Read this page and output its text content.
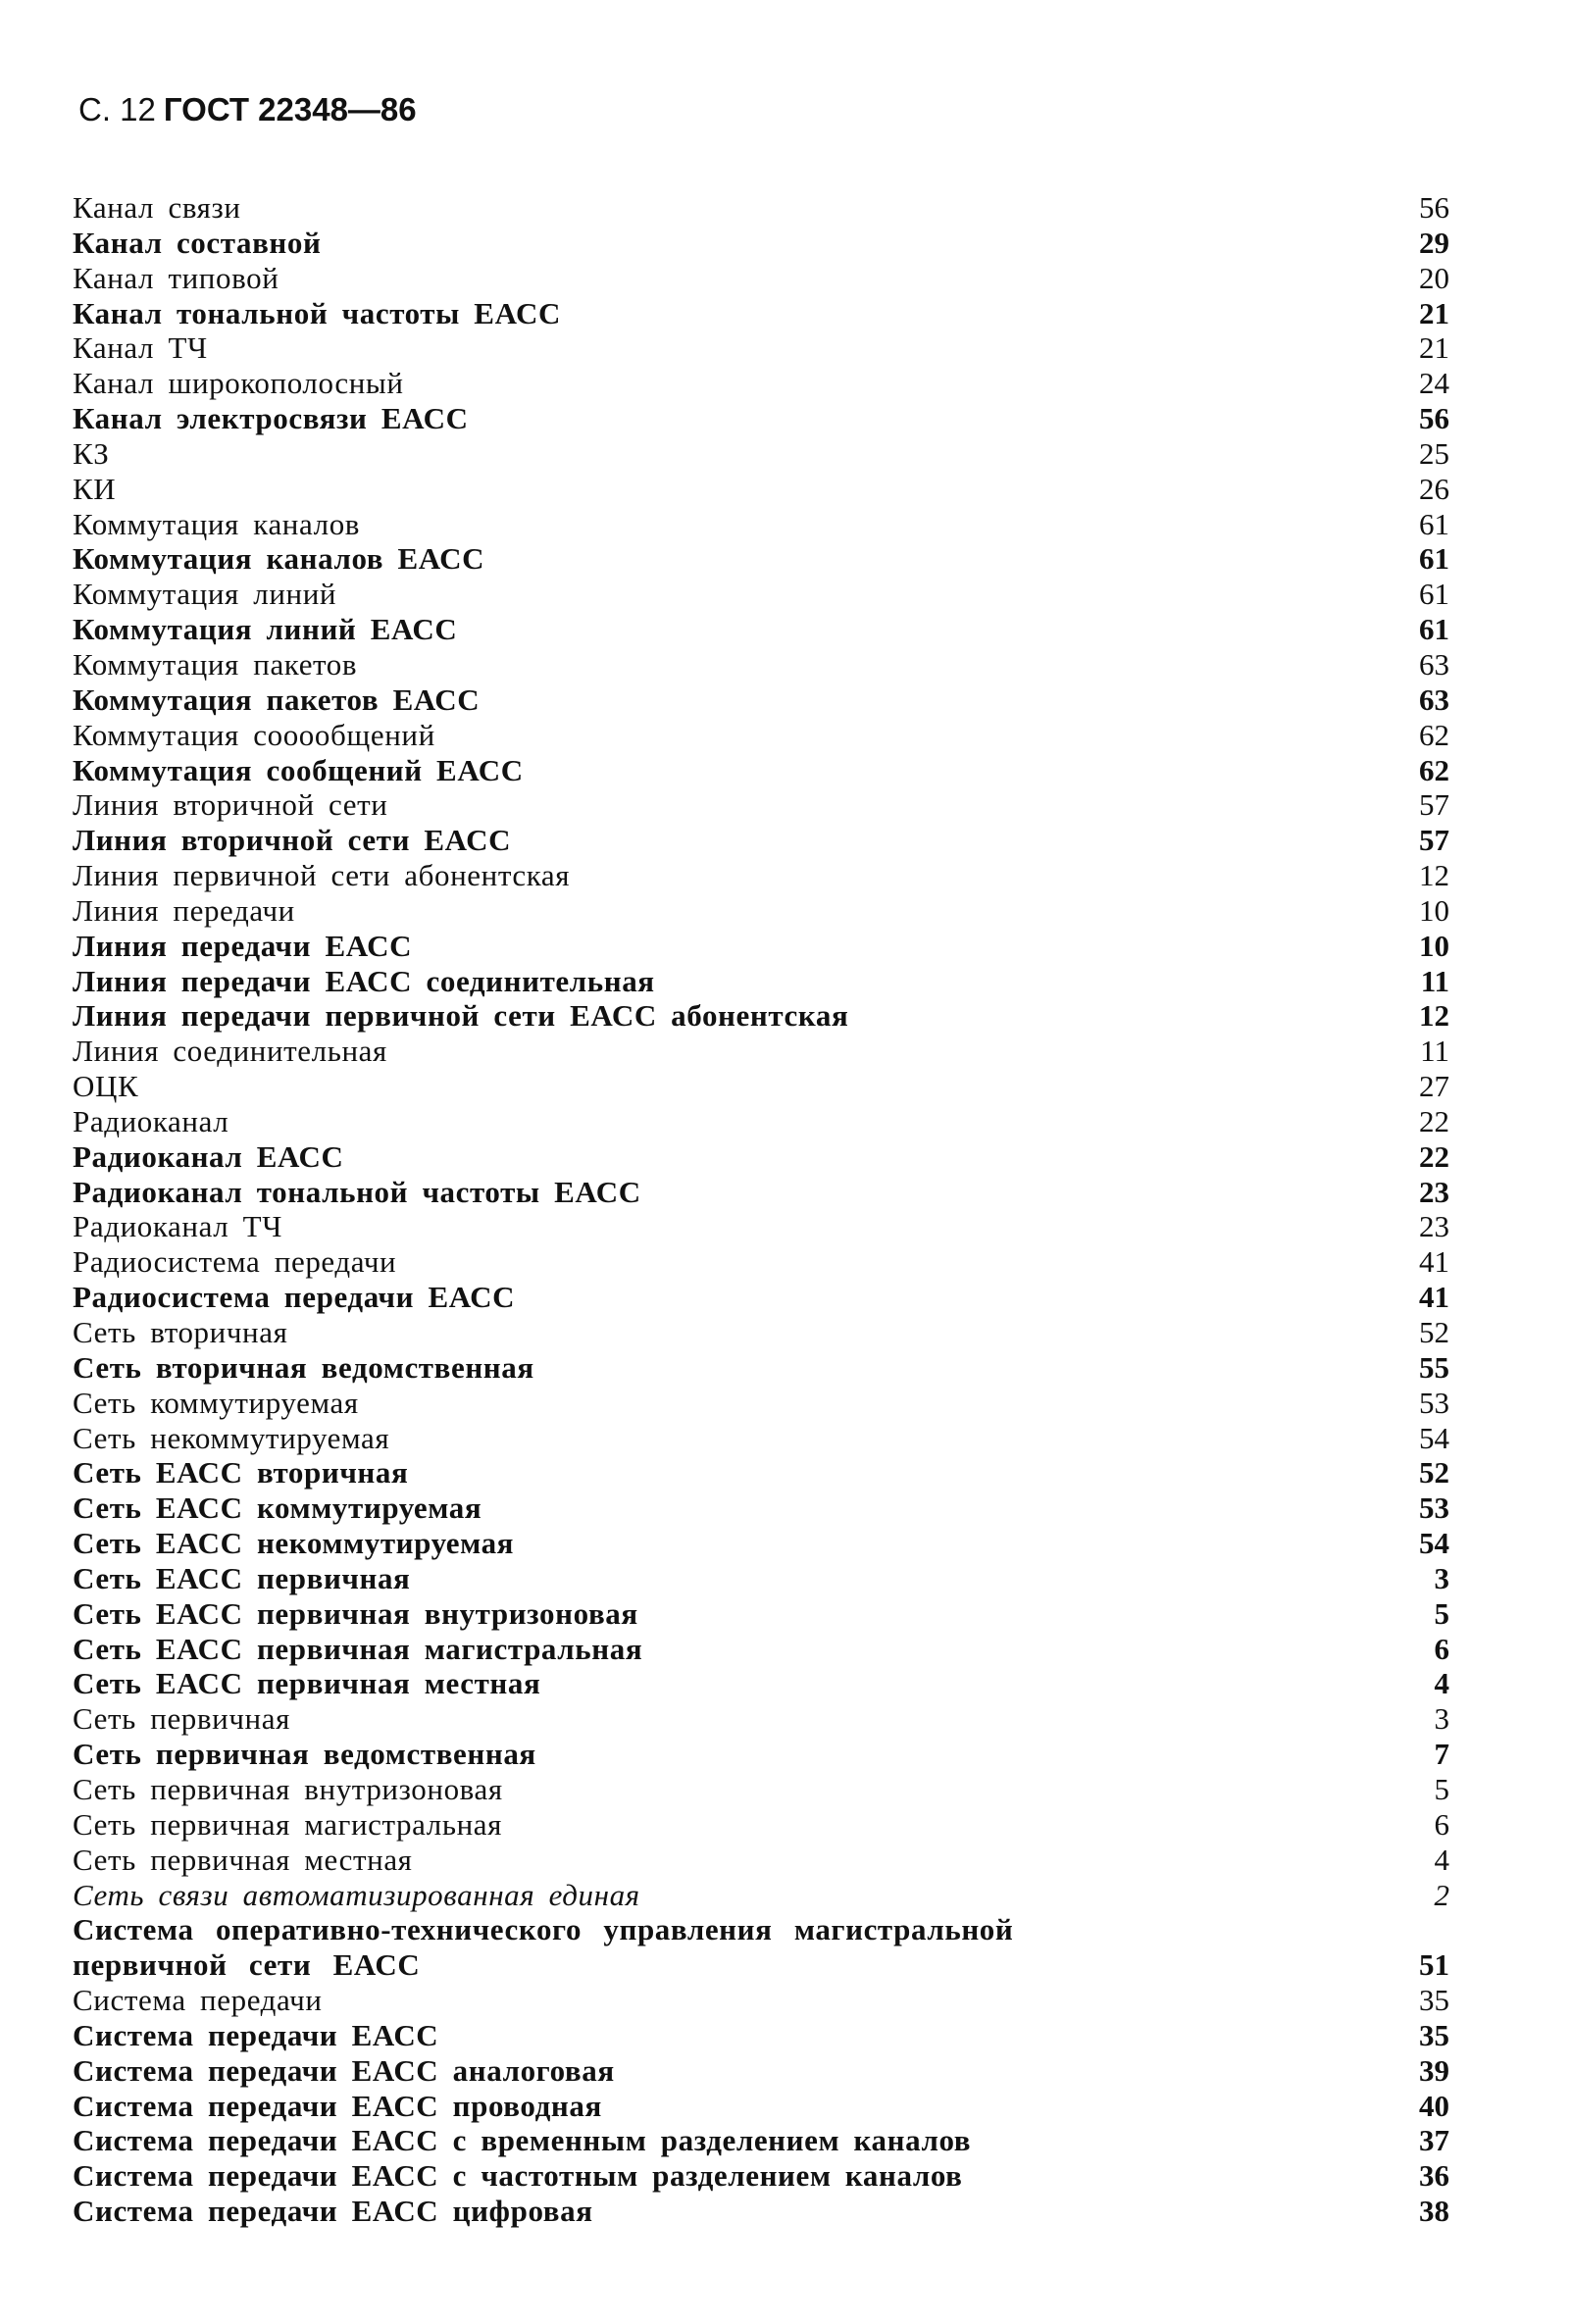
С. 12 ГОСТ 22348—86
Канал связи	56
Канал составной	29
Канал типовой	20
Канал тональной частоты ЕАСС	21
Канал ТЧ	21
Канал широкополосный	24
Канал электросвязи ЕАСС	56
КЗ	25
КИ	26
Коммутация каналов	61
Коммутация каналов ЕАСС	61
Коммутация линий	61
Коммутация линий ЕАСС	61
Коммутация пакетов	63
Коммутация пакетов ЕАСС	63
Коммутация сооообщений	62
Коммутация сообщений ЕАСС	62
Линия вторичной сети	57
Линия вторичной сети ЕАСС	57
Линия первичной сети абонентская	12
Линия передачи	10
Линия передачи ЕАСС	10
Линия передачи ЕАСС соединительная	11
Линия передачи первичной сети ЕАСС абонентская	12
Линия соединительная	11
ОЦК	27
Радиоканал	22
Радиоканал ЕАСС	22
Радиоканал тональной частоты ЕАСС	23
Радиоканал ТЧ	23
Радиосистема передачи	41
Радиосистема передачи ЕАСС	41
Сеть вторичная	52
Сеть вторичная ведомственная	55
Сеть коммутируемая	53
Сеть некоммутируемая	54
Сеть ЕАСС вторичная	52
Сеть ЕАСС коммутируемая	53
Сеть ЕАСС некоммутируемая	54
Сеть ЕАСС первичная	3
Сеть ЕАСС первичная внутризоновая	5
Сеть ЕАСС первичная магистральная	6
Сеть ЕАСС первичная местная	4
Сеть первичная	3
Сеть первичная ведомственная	7
Сеть первичная внутризоновая	5
Сеть первичная магистральная	6
Сеть первичная местная	4
Сеть связи автоматизированная единая	2
Система оперативно-технического управления магистральной первичной сети ЕАСС	51
Система передачи	35
Система передачи ЕАСС	35
Система передачи ЕАСС аналоговая	39
Система передачи ЕАСС проводная	40
Система передачи ЕАСС с временным разделением каналов	37
Система передачи ЕАСС с частотным разделением каналов	36
Система передачи ЕАСС цифровая	38
